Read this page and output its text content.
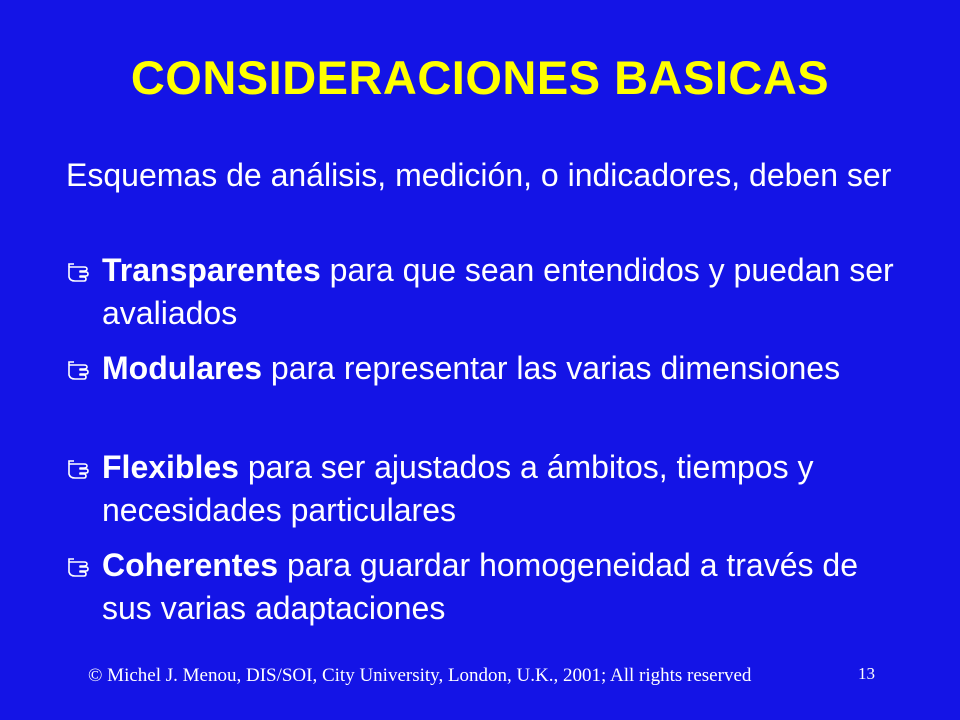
CONSIDERACIONES BASICAS
Esquemas de análisis, medición, o indicadores, deben ser
Transparentes para que sean entendidos y puedan ser avaliados
Modulares para representar las varias dimensiones
Flexibles para ser ajustados a ámbitos, tiempos y necesidades particulares
Coherentes para guardar homogeneidad a través de sus varias adaptaciones
© Michel J. Menou, DIS/SOI, City University, London, U.K., 2001; All rights reserved	13
